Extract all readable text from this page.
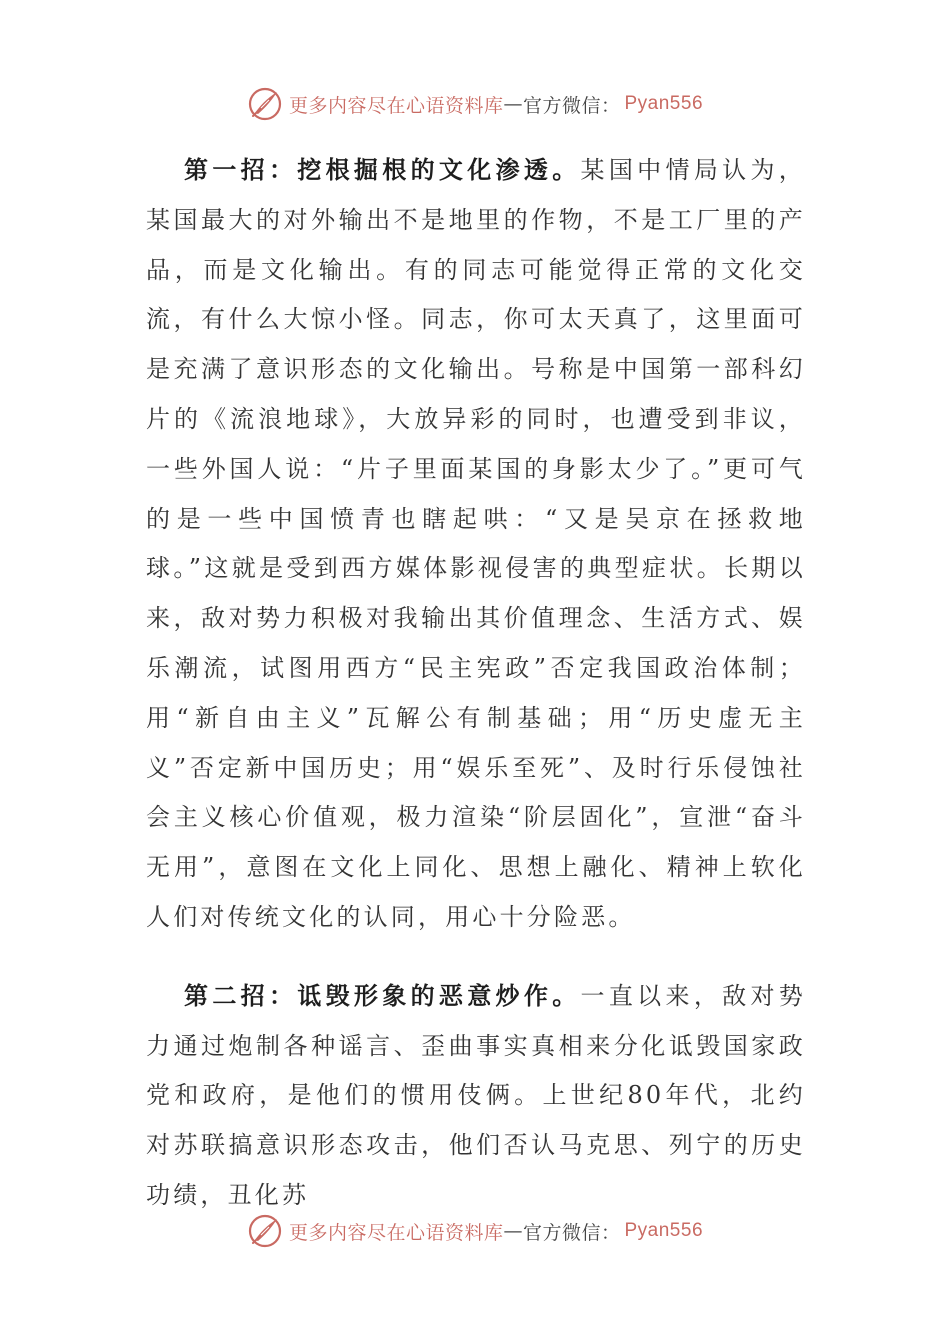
更多内容尽在心语资料库 — 官方微信： Pyan556

第一招：挖根掘根的文化渗透。某国中情局认为，某国最大的对外输出不是地里的作物，不是工厂里的产品，而是文化输出。有的同志可能觉得正常的文化交流，有什么大惊小怪。同志，你可太天真了，这里面可是充满了意识形态的文化输出。号称是中国第一部科幻片的《流浪地球》，大放异彩的同时，也遭受到非议，一些外国人说：“片子里面某国的身影太少了。”更可气的是一些中国愤青也瞎起哄：“又是吴京在拯救地球。”这就是受到西方媒体影视侵害的典型症状。长期以来，敌对势力积极对我输出其价值理念、生活方式、娱乐潮流，试图用西方“民主宪政”否定我国政治体制；用“新自由主义”瓦解公有制基础；用“历史虚无主义”否定新中国历史；用“娱乐至死”、及时行乐侵蚀社会主义核心价值观，极力渲染“阶层固化”，宣泄“奋斗无用”，意图在文化上同化、思想上融化、精神上软化人们对传统文化的认同，用心十分险恶。

第二招：诋毁形象的恶意炒作。一直以来，敌对势力通过炮制各种谣言、歪曲事实真相来分化诋毁国家政党和政府，是他们的惯用伎俩。上世纪80年代，北约对苏联搞意识形态攻击，他们否认马克思、列宁的历史功绩，丑化苏

更多内容尽在心语资料库 — 官方微信： Pyan556
